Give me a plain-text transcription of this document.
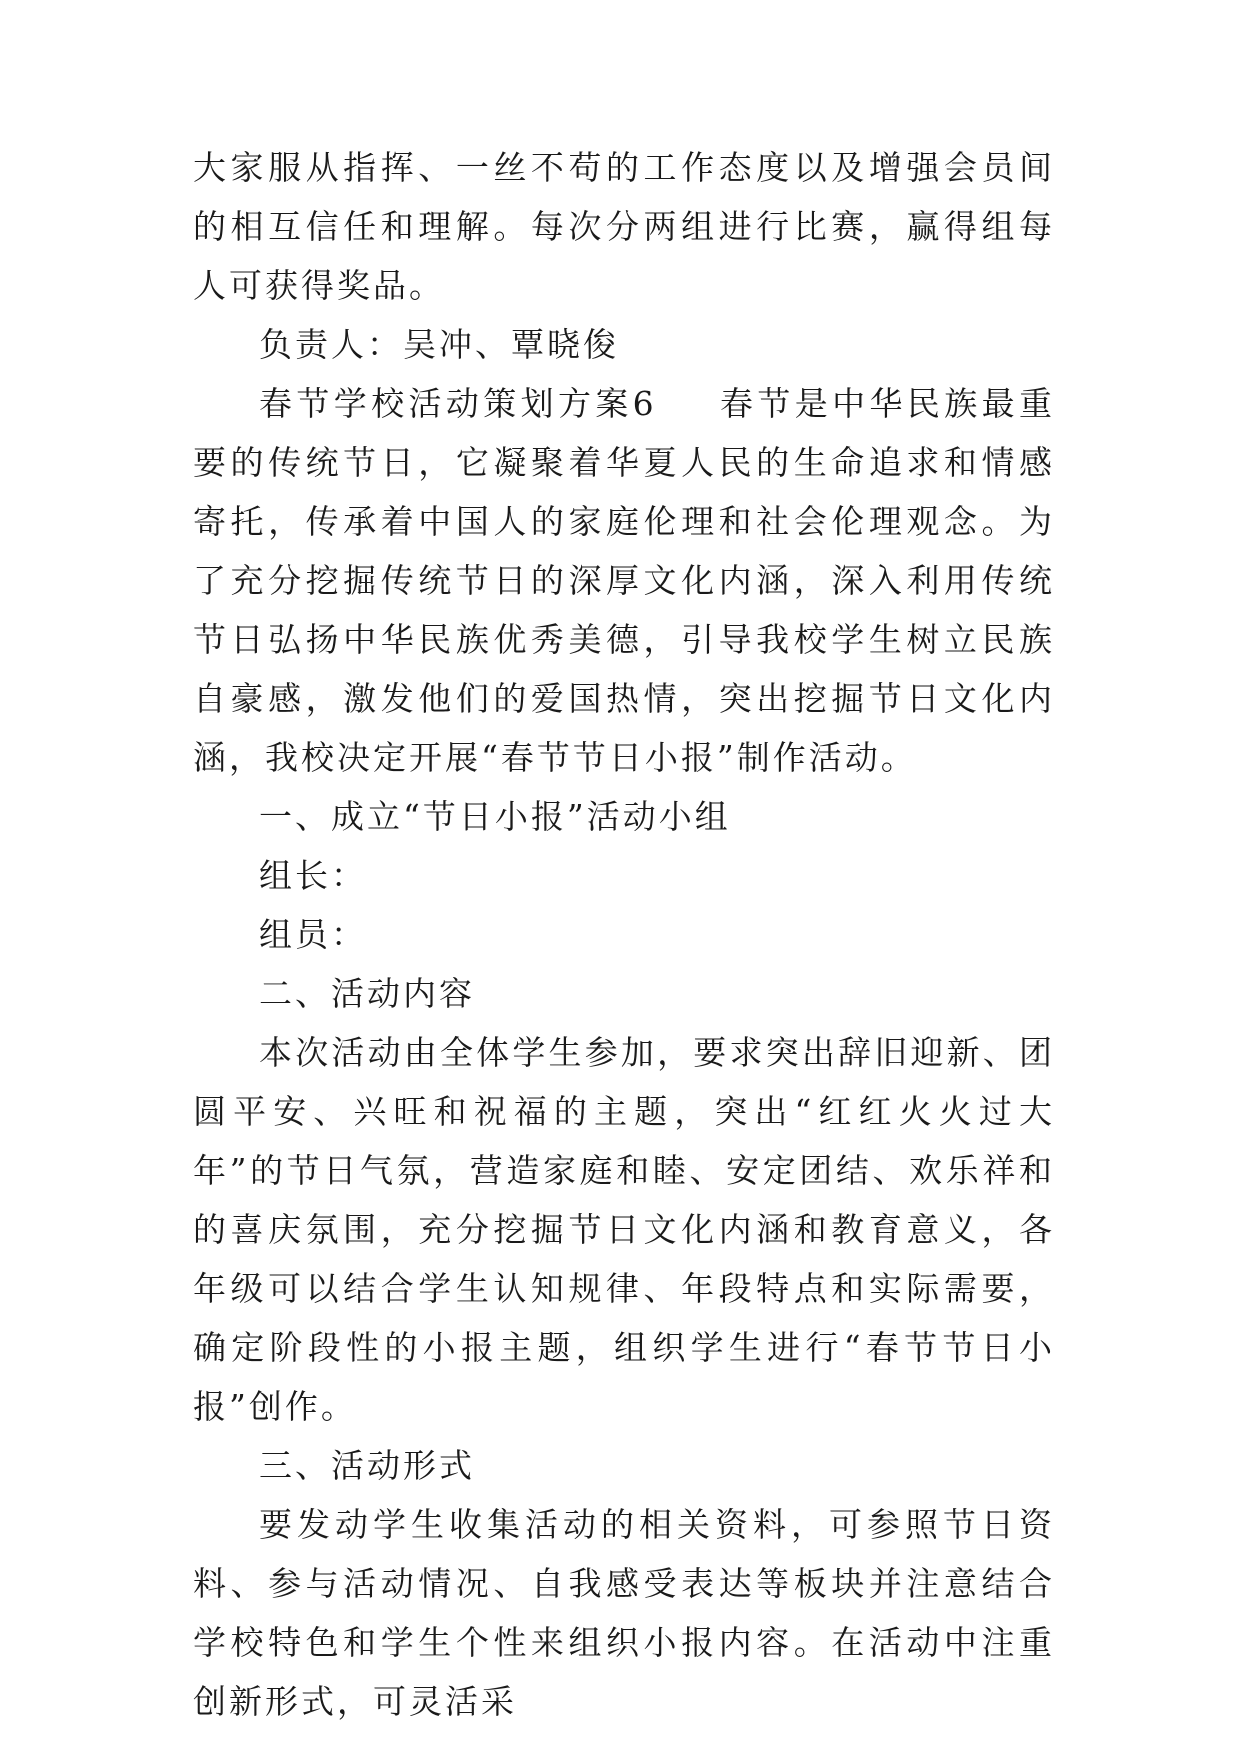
大家服从指挥、一丝不苟的工作态度以及增强会员间的相互信任和理解。每次分两组进行比赛，赢得组每人可获得奖品。

负责人：吴冲、覃晓俊

春节学校活动策划方案6 春节是中华民族最重要的传统节日，它凝聚着华夏人民的生命追求和情感寄托，传承着中国人的家庭伦理和社会伦理观念。为了充分挖掘传统节日的深厚文化内涵，深入利用传统节日弘扬中华民族优秀美德，引导我校学生树立民族自豪感，激发他们的爱国热情，突出挖掘节日文化内涵，我校决定开展“春节节日小报”制作活动。

一、成立“节日小报”活动小组

组长：

组员：

二、活动内容

本次活动由全体学生参加，要求突出辞旧迎新、团圆平安、兴旺和祝福的主题，突出“红红火火过大年”的节日气氛，营造家庭和睦、安定团结、欢乐祥和的喜庆氛围，充分挖掘节日文化内涵和教育意义，各年级可以结合学生认知规律、年段特点和实际需要，确定阶段性的小报主题，组织学生进行“春节节日小报”创作。

三、活动形式

要发动学生收集活动的相关资料，可参照节日资料、参与活动情况、自我感受表达等板块并注意结合学校特色和学生个性来组织小报内容。在活动中注重创新形式，可灵活采
